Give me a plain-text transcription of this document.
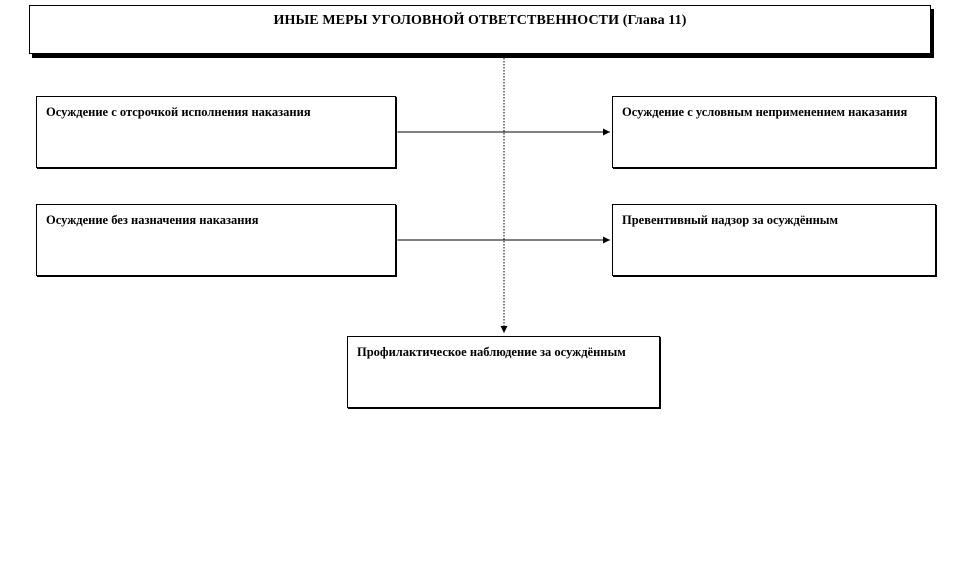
ИНЫЕ МЕРЫ УГОЛОВНОЙ ОТВЕТСТВЕННОСТИ (Глава 11)
Осуждение с отсрочкой исполнения наказания	Осуждение с условным неприменением наказания
Осуждение без назначения наказания	Превентивный надзор за осуждённым
Профилактическое наблюдение за осуждённым
